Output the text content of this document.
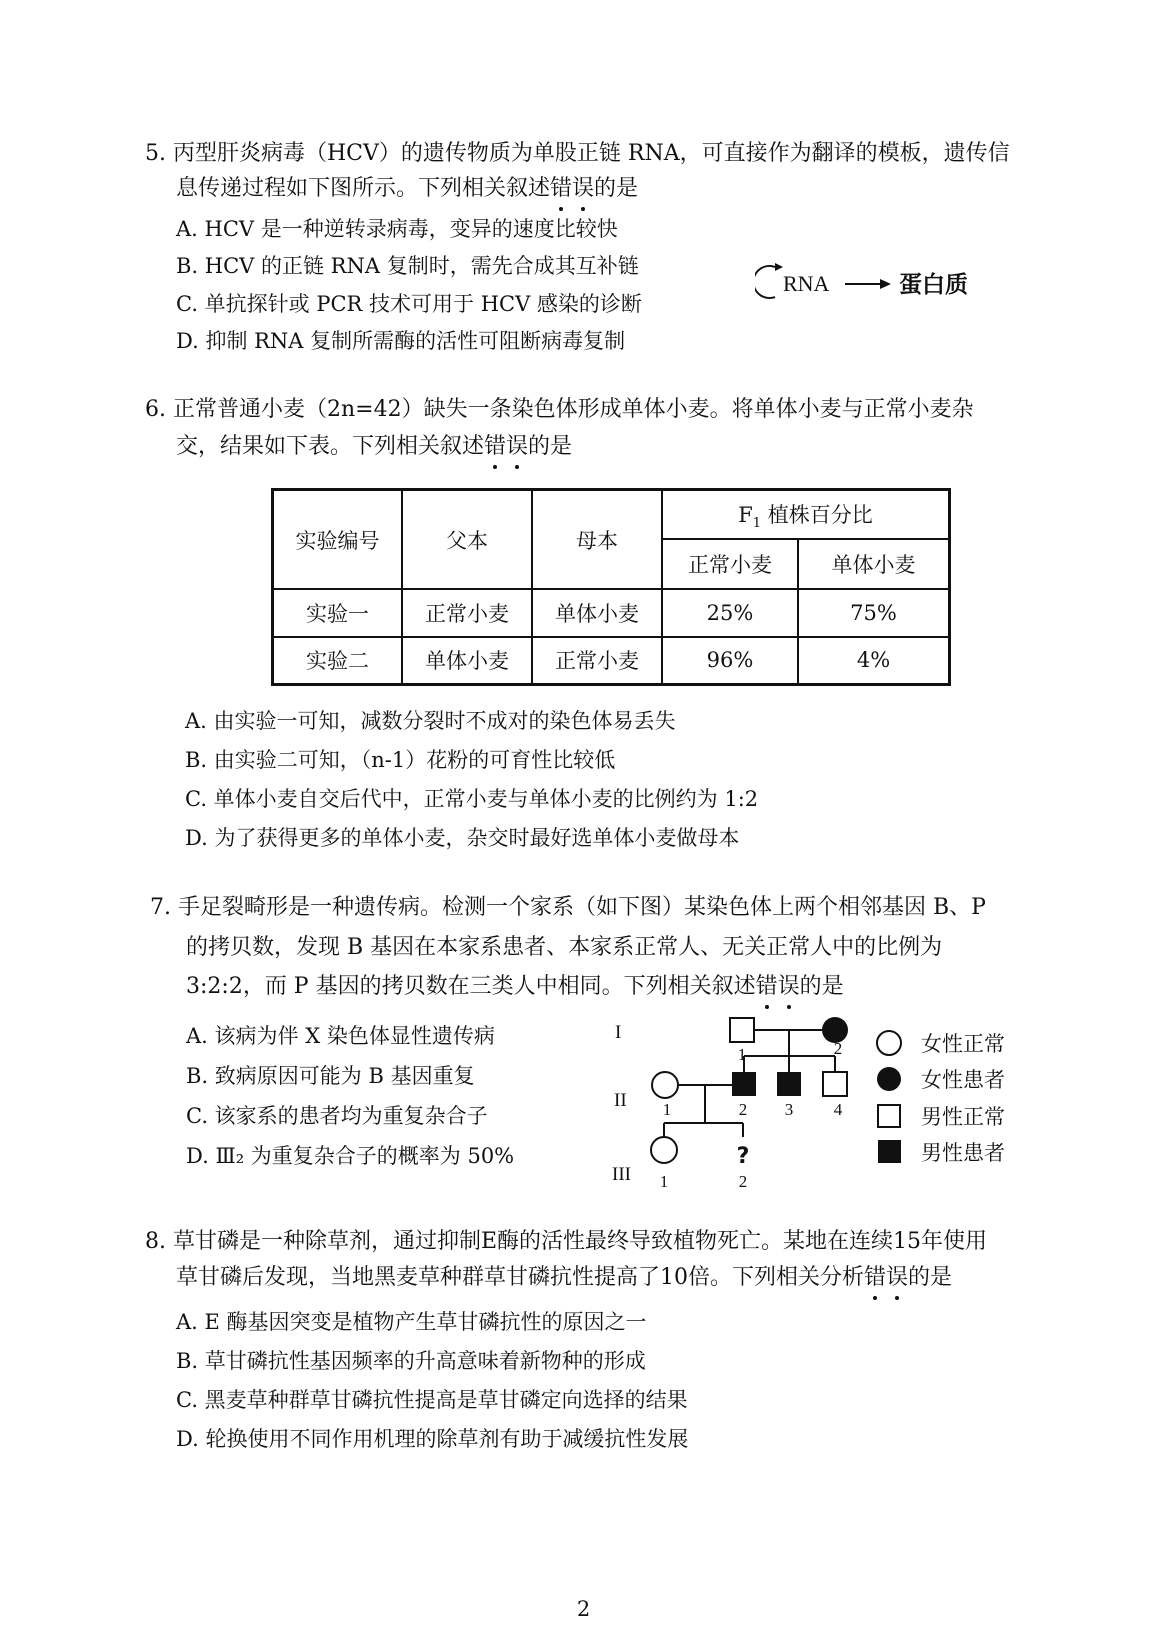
5. 丙型肝炎病毒（HCV）的遗传物质为单股正链 RNA，可直接作为翻译的模板，遗传信
息传递过程如下图所示。下列相关叙述错误的是
A. HCV 是一种逆转录病毒，变异的速度比较快
B. HCV 的正链 RNA 复制时，需先合成其互补链
C. 单抗探针或 PCR 技术可用于 HCV 感染的诊断
D. 抑制 RNA 复制所需酶的活性可阻断病毒复制
RNA	蛋白质
6. 正常普通小麦（2n=42）缺失一条染色体形成单体小麦。将单体小麦与正常小麦杂
交，结果如下表。下列相关叙述错误的是
实验编号	父本	母本	$F_1$ 植株百分比	
			正常小麦	单体小麦
实验一	正常小麦	单体小麦	25%	75%
实验二	单体小麦	正常小麦	96%	4%
A. 由实验一可知，减数分裂时不成对的染色体易丢失
B. 由实验二可知，（n-1）花粉的可育性比较低
C. 单体小麦自交后代中，正常小麦与单体小麦的比例约为 1:2
D. 为了获得更多的单体小麦，杂交时最好选单体小麦做母本
7. 手足裂畸形是一种遗传病。检测一个家系（如下图）某染色体上两个相邻基因 B、P
的拷贝数，发现 B 基因在本家系患者、本家系正常人、无关正常人中的比例为
3:2:2，而 P 基因的拷贝数在三类人中相同。下列相关叙述错误的是
A. 该病为伴 X 染色体显性遗传病
B. 致病原因可能为 B 基因重复
C. 该家系的患者均为重复杂合子
D. Ⅲ₂ 为重复杂合子的概率为 50%
I
II
III
1	2
1	2 3 4
?
1	2
女性正常
女性患者
男性正常
男性患者
8. 草甘磷是一种除草剂，通过抑制E酶的活性最终导致植物死亡。某地在连续15年使用
草甘磷后发现，当地黑麦草种群草甘磷抗性提高了10倍。下列相关分析错误的是
A. E 酶基因突变是植物产生草甘磷抗性的原因之一
B. 草甘磷抗性基因频率的升高意味着新物种的形成
C. 黑麦草种群草甘磷抗性提高是草甘磷定向选择的结果
D. 轮换使用不同作用机理的除草剂有助于减缓抗性发展
2
